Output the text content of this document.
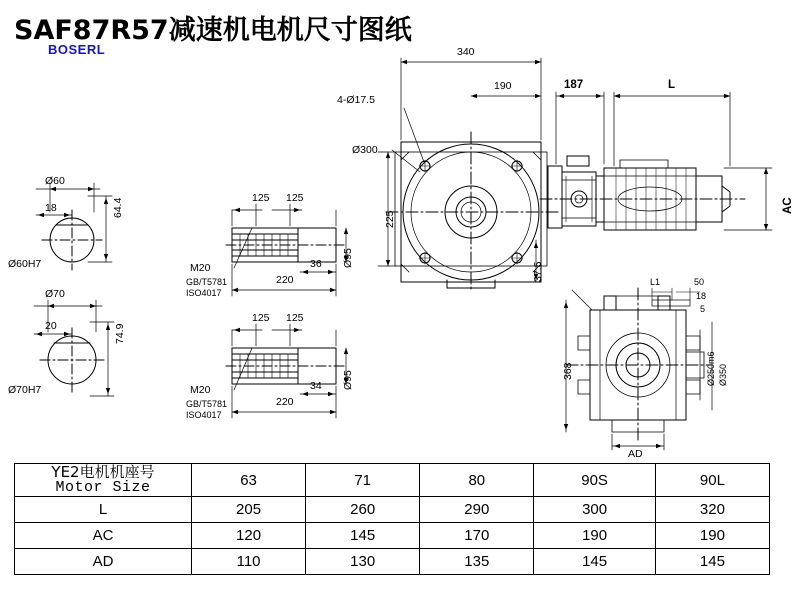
SAF87R57减速机电机尺寸图纸
BOSERL	340
190	187	L
4-Ø17.5
Ø300
225
37.5
AC
AD
L1	50
18
5
368	Ø250m6 Ø350
Ø60
64.4
18
Ø60H7
Ø70
74.9
20
Ø70H7
125 125
36
220
Ø95
M20
GB/T5781
ISO4017
125 125
34
220
Ø95
M20
GB/T5781
ISO4017
YE2电机机座号
Motor Size	63	71	80	90S	90L
L	205	260	290	300	320
AC	120	145	170	190	190
AD	110	130	135	145	145
